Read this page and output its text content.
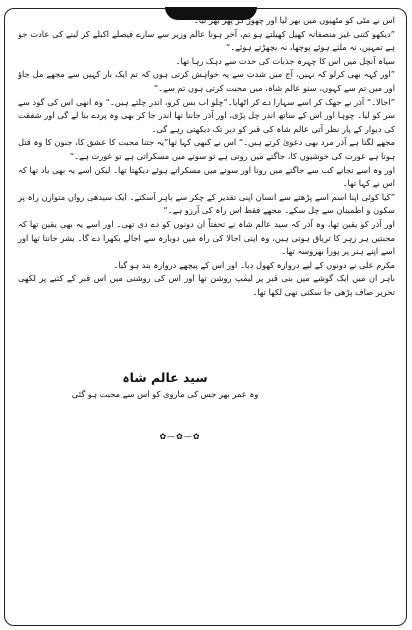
اس نے مٹی کو مٹھیوں میں بھر لیا اور چھوڑ کر پھر بھر لیا۔

”دیکھو کتنی غیر منصفانہ کھیل کھیلتے ہو تم، آخر ہونا عالم وزیر سے سارے فیصلے اکیلے کر لینے کی عادت جو ہے تمہیں، نہ ملتے ہوئے پوچھا، نہ بچھڑتے ہوئے۔“

سیاہ آنچل میں اس کا چہرہ جذبات کی حدت سے دہک رہا تھا۔

”اور کہہ بھی کرلو کہ نہیں، آج میں شدت سے یہ خواہش کرتی ہوں کہ تم ایک بار کہیں سے مجھے مل جاؤ اور میں تم سے کہوں، سنو عالم شاہ، میں محبت کرتی ہوں تم سے۔“

”اجالا۔“ آذر نے جھک کر اسے سہارا دے کر اٹھایا۔”چلو اب بس کرو، اندر چلتے ہیں۔“ وہ انھی اس کی گود سے سر کو لیا۔ چوہا اور اس کے ساتھ اندر چل پڑی، اور آذر جانتا تھا اندر جا کر بھی وہ پردے بنا لے گی اور شفقت کی دیوار کے پار نظر آتی عالم شاہ کی قبر کو دیر تک دیکھتی رہے گی۔

مجھے لگتا ہے آذر مرد بھی دعویٰ کرتے ہیں۔“ اس نے کبھی کہا تھا”یہ جتنا محبت کا عشق کا، جنون کا وہ قتل ہوتا ہے عورت کی خوشیوں کا، جاگتے میں روتی ہے تو سوتے میں مسکراتی ہے تو عورت ہے۔“

اور وہ اسے نجانے کب سے جاگتے میں روتا اور سوتے میں مسکراتے ہوئے دیکھتا تھا۔ لیکن اسے یہ بھی یاد تھا کہ اس نے کہا تھا۔

”کیا کوئی اپنا اسم اسے پڑھتے سے انسان اپنی تقدیر کے چکر سے باہر آسکتے۔ ایک سیدھی رواں متوازن راہ پر سکون و اطمینان سے چل سکے۔ مجھے فقط اس راہ کی آرزو ہے۔“

اور آذر کو یقین تھا، وہ آذر کہ سید عالم شاہ نے تحفتاً ان دونوں کو دے دی تھی۔ اور اسے یہ بھی یقین تھا کہ محبتیں ہر زہر کا تریاق ہوتی ہیں، وہ اپنی اجالا کی راہ میں دوبارہ سے اجالے بکھرا دے گا۔ بشر جانتا تھا اور اسے اپنے ہنر پر پورا بھروسہ تھا۔

مکرم علی نے دونوں کے لیے دروازہ کھول دیا۔ اور اس کے پیچھے دروازہ بند ہو گیا۔

باہر ان میں ایک گوشے میں بنی قبر پر لیمپ روشن تھا اور اس کی روشنی میں اس قبر کے کتبے پر لکھی تحریر صاف پڑھی جا سکتی تھی لکھا تھا۔

سید عالم شاہ
وہ عمر بھر جس کی ماروی کو اس سے محبت ہو گئی
✿—✿—✿
